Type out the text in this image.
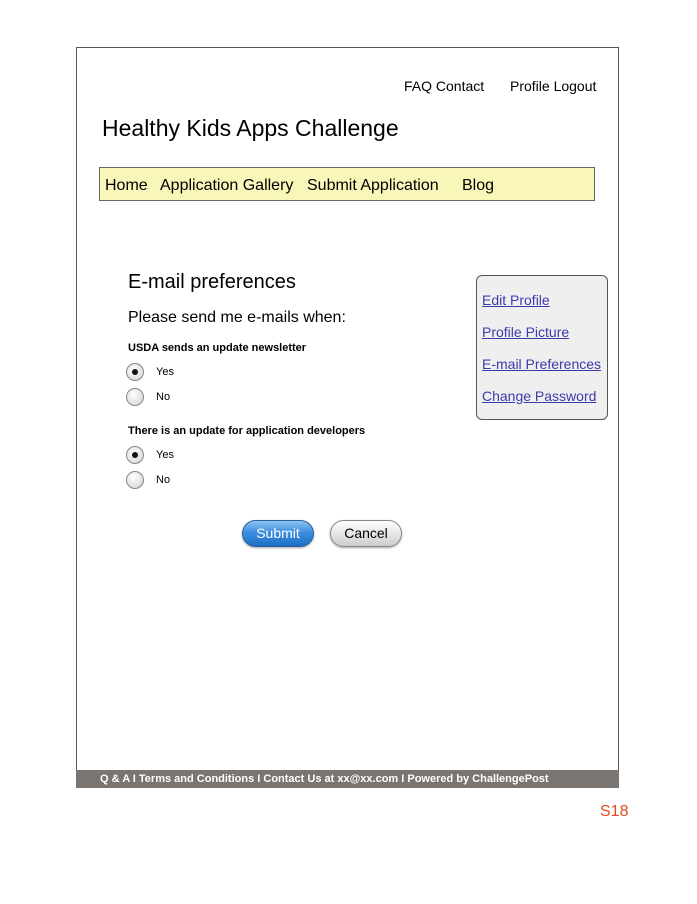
FAQ Contact Profile Logout
Healthy Kids Apps Challenge
Home Application Gallery Submit Application Blog
E-mail preferences
Please send me e-mails when:
USDA sends an update newsletter
Yes
No
There is an update for application developers
Yes
No
Edit Profile
Profile Picture
E-mail Preferences
Change Password
Submit	Cancel
Q & A I Terms and Conditions I Contact Us at xx@xx.com I Powered by ChallengePost
S18
